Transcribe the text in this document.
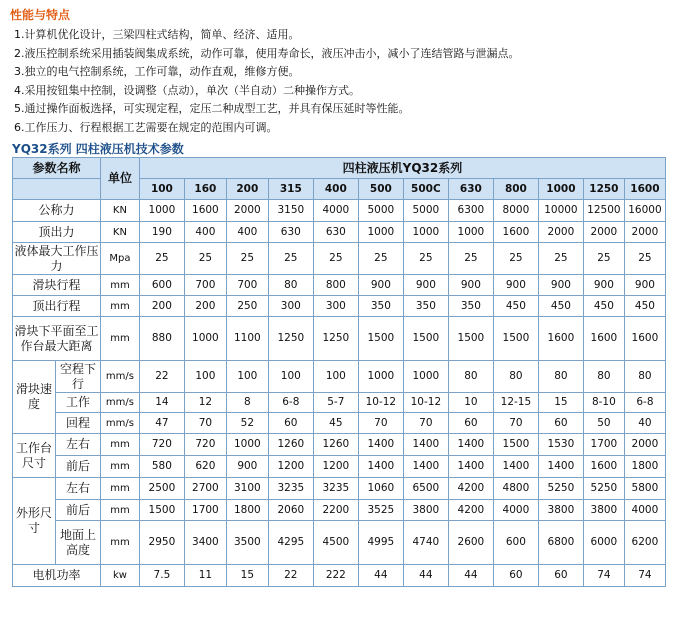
性能与特点
1.计算机优化设计，三梁四柱式结构，简单、经济、适用。
2.液压控制系统采用插装阀集成系统，动作可靠，使用寿命长，液压冲击小，减小了连结管路与泄漏点。
3.独立的电气控制系统，工作可靠，动作直观，维修方便。
4.采用按钮集中控制，设调整（点动），单次（半自动）二种操作方式。
5.通过操作面板选择，可实现定程，定压二种成型工艺，并具有保压延时等性能。
6.工作压力、行程根据工艺需要在规定的范围内可调。
YQ32系列 四柱液压机技术参数
参数名称		单位	四柱液压机YQ32系列											
			100	160	200	315	400	500	500C	630	800	1000	1250	1600
公称力		KN	1000	1600	2000	3150	4000	5000	5000	6300	8000	10000	12500	16000
顶出力		KN	190	400	400	630	630	1000	1000	1000	1600	2000	2000	2000
液体最大工作压力		Mpa	25	25	25	25	25	25	25	25	25	25	25	25
滑块行程		mm	600	700	700	80	800	900	900	900	900	900	900	900
顶出行程		mm	200	200	250	300	300	350	350	350	450	450	450	450
滑块下平面至工作台最大距离		mm	880	1000	1100	1250	1250	1500	1500	1500	1500	1600	1600	1600
滑块速度	空程下行	mm/s	22	100	100	100	100	1000	1000	80	80	80	80	80
	工作	mm/s	14	12	8	6-8	5-7	10-12	10-12	10	12-15	15	8-10	6-8
	回程	mm/s	47	70	52	60	45	70	70	60	70	60	50	40
工作台尺寸	左右	mm	720	720	1000	1260	1260	1400	1400	1400	1500	1530	1700	2000
	前后	mm	580	620	900	1200	1200	1400	1400	1400	1400	1400	1600	1800
外形尺寸	左右	mm	2500	2700	3100	3235	3235	1060	6500	4200	4800	5250	5250	5800
	前后	mm	1500	1700	1800	2060	2200	3525	3800	4200	4000	3800	3800	4000
	地面上高度	mm	2950	3400	3500	4295	4500	4995	4740	2600	600	6800	6000	6200
电机功率		kw	7.5	11	15	22	222	44	44	44	60	60	74	74
